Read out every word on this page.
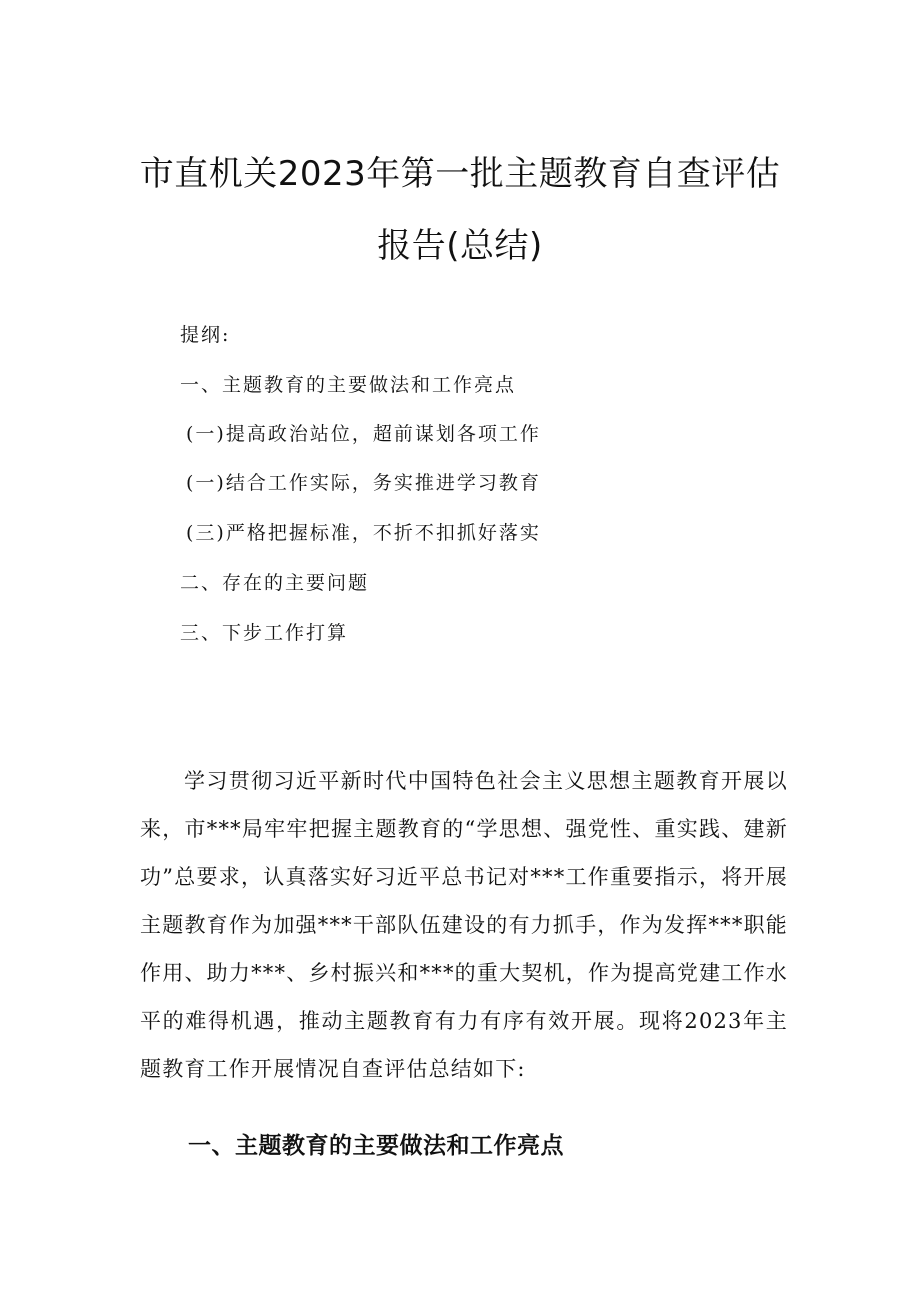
市直机关2023年第一批主题教育自查评估
报告(总结)
提纲:
一、主题教育的主要做法和工作亮点
(一)提高政治站位，超前谋划各项工作
(一)结合工作实际，务实推进学习教育
(三)严格把握标准，不折不扣抓好落实
二、存在的主要问题
三、下步工作打算

学习贯彻习近平新时代中国特色社会主义思想主题教育开展以来，市***局牢牢把握主题教育的“学思想、强党性、重实践、建新功”总要求，认真落实好习近平总书记对***工作重要指示，将开展主题教育作为加强***干部队伍建设的有力抓手，作为发挥***职能作用、助力***、乡村振兴和***的重大契机，作为提高党建工作水平的难得机遇，推动主题教育有力有序有效开展。现将2023年主题教育工作开展情况自查评估总结如下:

一、主题教育的主要做法和工作亮点
